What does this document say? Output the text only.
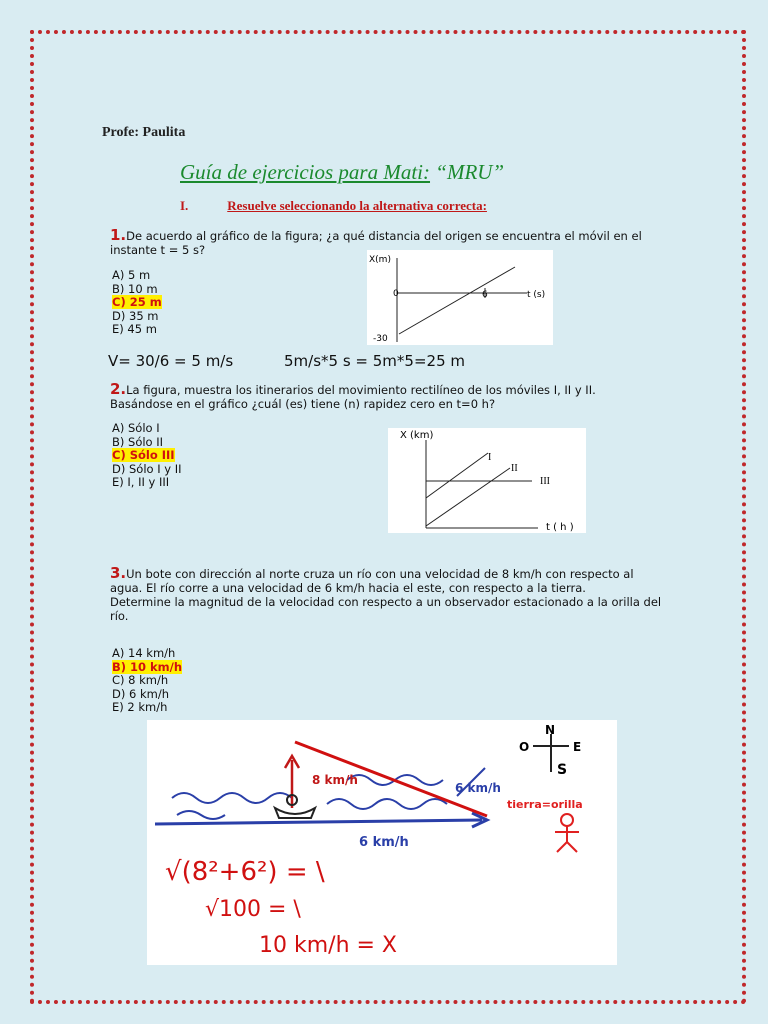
Profe: Paulita
Guía de ejercicios para Mati: “MRU”
I.	Resuelve seleccionando la alternativa correcta:
1.De acuerdo al gráfico de la figura; ¿a qué distancia del origen se encuentra el móvil en el instante t = 5 s?
A) 5 m
B) 10 m
C) 25 m
D) 35 m
E) 45 m
X(m)
t (s)
0	6
-30
V= 30/6 = 5 m/s	5m/s*5 s = 5m*5=25 m
2.La figura, muestra los itinerarios del movimiento rectilíneo de los móviles I, II y II. Basándose en el gráfico ¿cuál (es) tiene (n) rapidez cero en t=0 h?
A) Sólo I
B) Sólo II
C) Sólo III
D) Sólo I y II
E) I, II y III
X (km)
t ( h )
I
II
III
3.Un bote con dirección al norte cruza un río con una velocidad de 8 km/h con respecto al agua. El río corre a una velocidad de 6 km/h hacia el este, con respecto a la tierra.
Determine la magnitud de la velocidad con respecto a un observador estacionado a la orilla del río.
A) 14 km/h
B) 10 km/h
C) 8 km/h
D) 6 km/h
E) 2 km/h
N
O	E
S
8 km/h
6 km/h
6 km/h
tierra=orilla
√(8²+6²) = \
√100 = \
10 km/h = X
